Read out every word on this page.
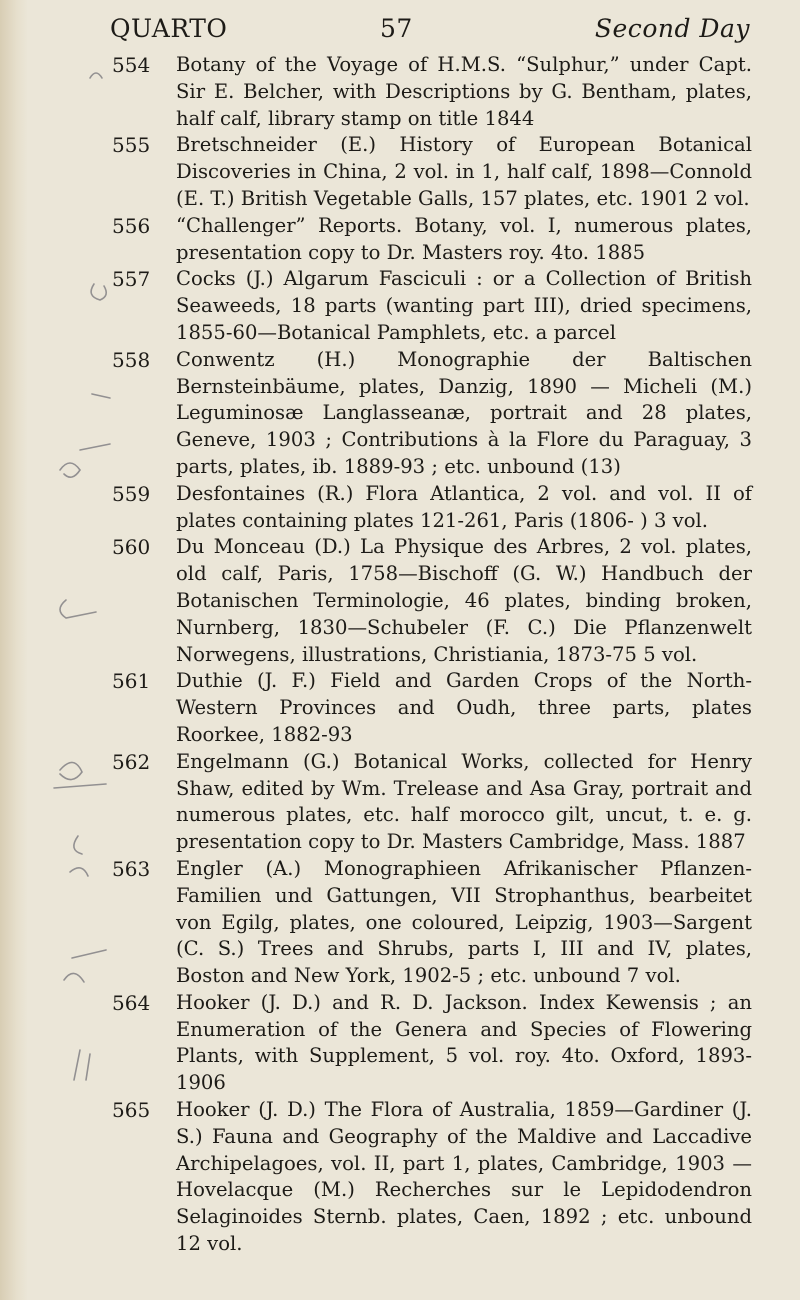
QUARTO	57	Second Day
554	Botany of the Voyage of H.M.S. “Sulphur,” under Capt. Sir E. Belcher, with Descriptions by G. Bentham, plates, half calf, library stamp on title 1844
555	Bretschneider (E.) History of European Botanical Discoveries in China, 2 vol. in 1, half calf, 1898—Connold (E. T.) British Vegetable Galls, 157 plates, etc. 1901 2 vol.
556	“Challenger” Reports. Botany, vol. I, numerous plates, presentation copy to Dr. Masters roy. 4to. 1885
557	Cocks (J.) Algarum Fasciculi : or a Collection of British Seaweeds, 18 parts (wanting part III), dried specimens, 1855-60—Botanical Pamphlets, etc. a parcel
558	Conwentz (H.) Monographie der Baltischen Bernsteinbäume, plates, Danzig, 1890 — Micheli (M.) Leguminosæ Langlasseanæ, portrait and 28 plates, Geneve, 1903 ; Contributions à la Flore du Paraguay, 3 parts, plates, ib. 1889-93 ; etc. unbound (13)
559	Desfontaines (R.) Flora Atlantica, 2 vol. and vol. II of plates containing plates 121-261, Paris (1806- ) 3 vol.
560	Du Monceau (D.) La Physique des Arbres, 2 vol. plates, old calf, Paris, 1758—Bischoff (G. W.) Handbuch der Botanischen Terminologie, 46 plates, binding broken, Nurnberg, 1830—Schubeler (F. C.) Die Pflanzenwelt Norwegens, illustrations, Christiania, 1873-75 5 vol.
561	Duthie (J. F.) Field and Garden Crops of the North-Western Provinces and Oudh, three parts, plates Roorkee, 1882-93
562	Engelmann (G.) Botanical Works, collected for Henry Shaw, edited by Wm. Trelease and Asa Gray, portrait and numerous plates, etc. half morocco gilt, uncut, t. e. g. presentation copy to Dr. Masters Cambridge, Mass. 1887
563	Engler (A.) Monographieen Afrikanischer Pflanzen-Familien und Gattungen, VII Strophanthus, bearbeitet von Egilg, plates, one coloured, Leipzig, 1903—Sargent (C. S.) Trees and Shrubs, parts I, III and IV, plates, Boston and New York, 1902-5 ; etc. unbound 7 vol.
564	Hooker (J. D.) and R. D. Jackson. Index Kewensis ; an Enumeration of the Genera and Species of Flowering Plants, with Supplement, 5 vol. roy. 4to. Oxford, 1893-1906
565	Hooker (J. D.) The Flora of Australia, 1859—Gardiner (J. S.) Fauna and Geography of the Maldive and Laccadive Archipelagoes, vol. II, part 1, plates, Cambridge, 1903 — Hovelacque (M.) Recherches sur le Lepidodendron Selaginoides Sternb. plates, Caen, 1892 ; etc. unbound 12 vol.
